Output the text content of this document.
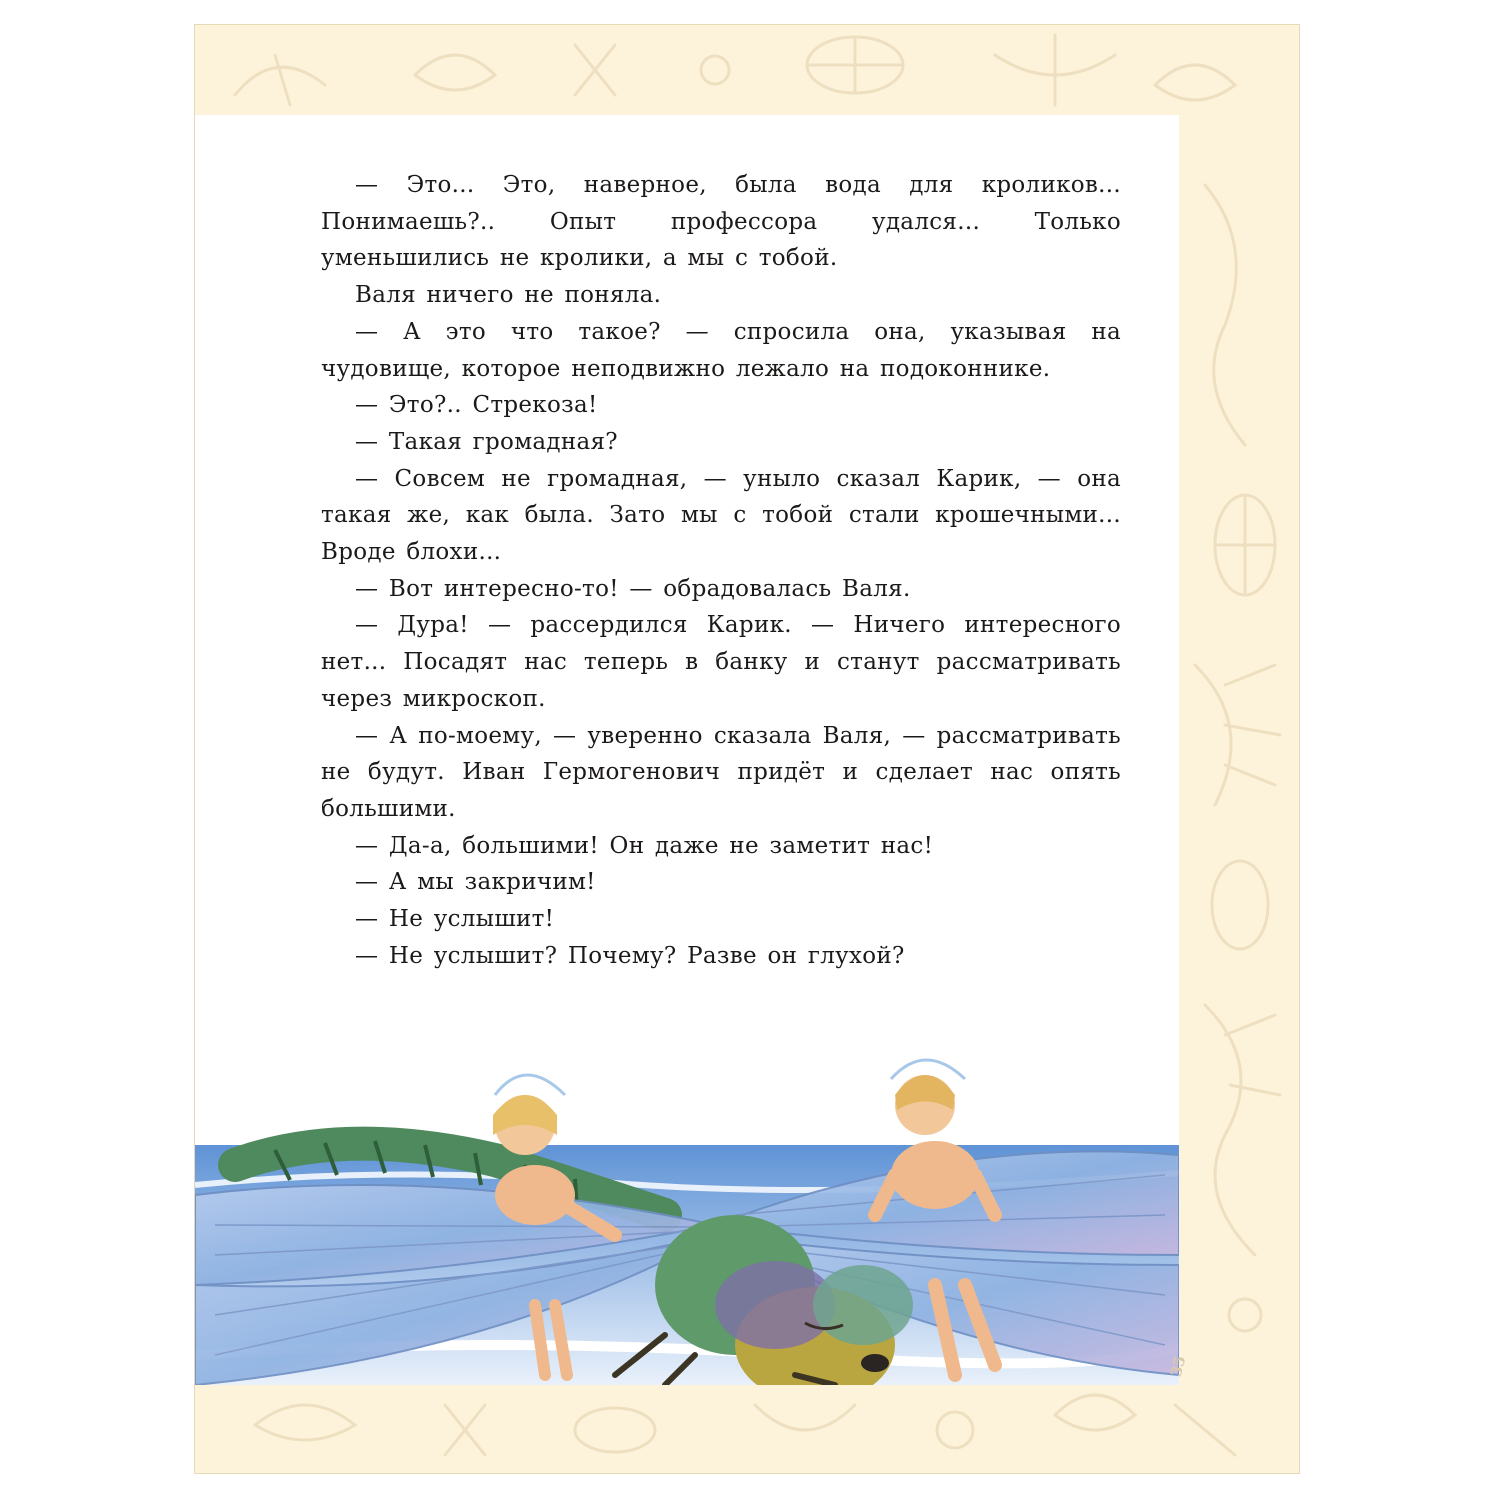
— Это... Это, наверное, была вода для кроликов... Понимаешь?.. Опыт профессора удался... Только уменьшились не кролики, а мы с тобой.

Валя ничего не поняла.

— А это что такое? — спросила она, указывая на чудовище, которое неподвижно лежало на подоконнике.

— Это?.. Стрекоза!

— Такая громадная?

— Совсем не громадная, — уныло сказал Карик, — она такая же, как была. Зато мы с тобой стали крошечными... Вроде блохи...

— Вот интересно-то! — обрадовалась Валя.

— Дура! — рассердился Карик. — Ничего интересного нет... Посадят нас теперь в банку и станут рассматривать через микроскоп.

— А по-моему, — уверенно сказала Валя, — рассматривать не будут. Иван Гермогенович придёт и сделает нас опять большими.

— Да-а, большими! Он даже не заметит нас!

— А мы закричим!

— Не услышит!

— Не услышит? Почему? Разве он глухой?

35
